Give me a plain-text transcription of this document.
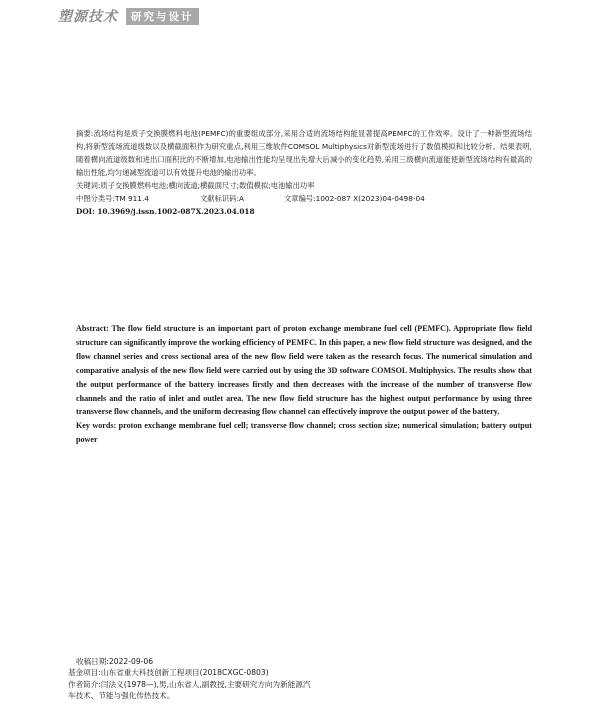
塑源技术	研究与设计

摘要:流场结构是质子交换膜燃料电池(PEMFC)的重要组成部分,采用合适的流场结构能显著提高PEMFC的工作效率。设计了一种新型流场结构,将新型流场流道级数以及横截面积作为研究重点,利用三维软件COMSOL Multiphysics对新型流场进行了数值模拟和比较分析。结果表明,随着横向流道级数和进出口面积比的不断增加,电池输出性能均呈现出先增大后减小的变化趋势,采用三级横向流道能使新型流场结构有最高的输出性能,均匀递减型流道可以有效提升电池的输出功率。

关键词:质子交换膜燃料电池;横向流道;横截面尺寸;数值模拟;电池输出功率

中图分类号:TM 911.4	文献标识码:A	文章编号:1002-087 X(2023)04-0498-04

DOI: 10.3969/j.issn.1002-087X.2023.04.018

Abstract: The flow field structure is an important part of proton exchange membrane fuel cell (PEMFC). Appropriate flow field structure can significantly improve the working efficiency of PEMFC. In this paper, a new flow field structure was designed, and the flow channel series and cross sectional area of the new flow field were taken as the research focus. The numerical simulation and comparative analysis of the new flow field were carried out by using the 3D software COMSOL Multiphysics. The results show that the output performance of the battery increases firstly and then decreases with the increase of the number of transverse flow channels and the ratio of inlet and outlet area. The new flow field structure has the highest output performance by using three transverse flow channels, and the uniform decreasing flow channel can effectively improve the output power of the battery.

Key words: proton exchange membrane fuel cell; transverse flow channel; cross section size; numerical simulation; battery output power

收稿日期:2022-09-06

基金项目:山东省重大科技创新工程项目(2018CXGC-0803)

作者简介:闫法义(1978—),男,山东省人,副教授,主要研究方向为新能源汽车技术、节能与强化传热技术。
